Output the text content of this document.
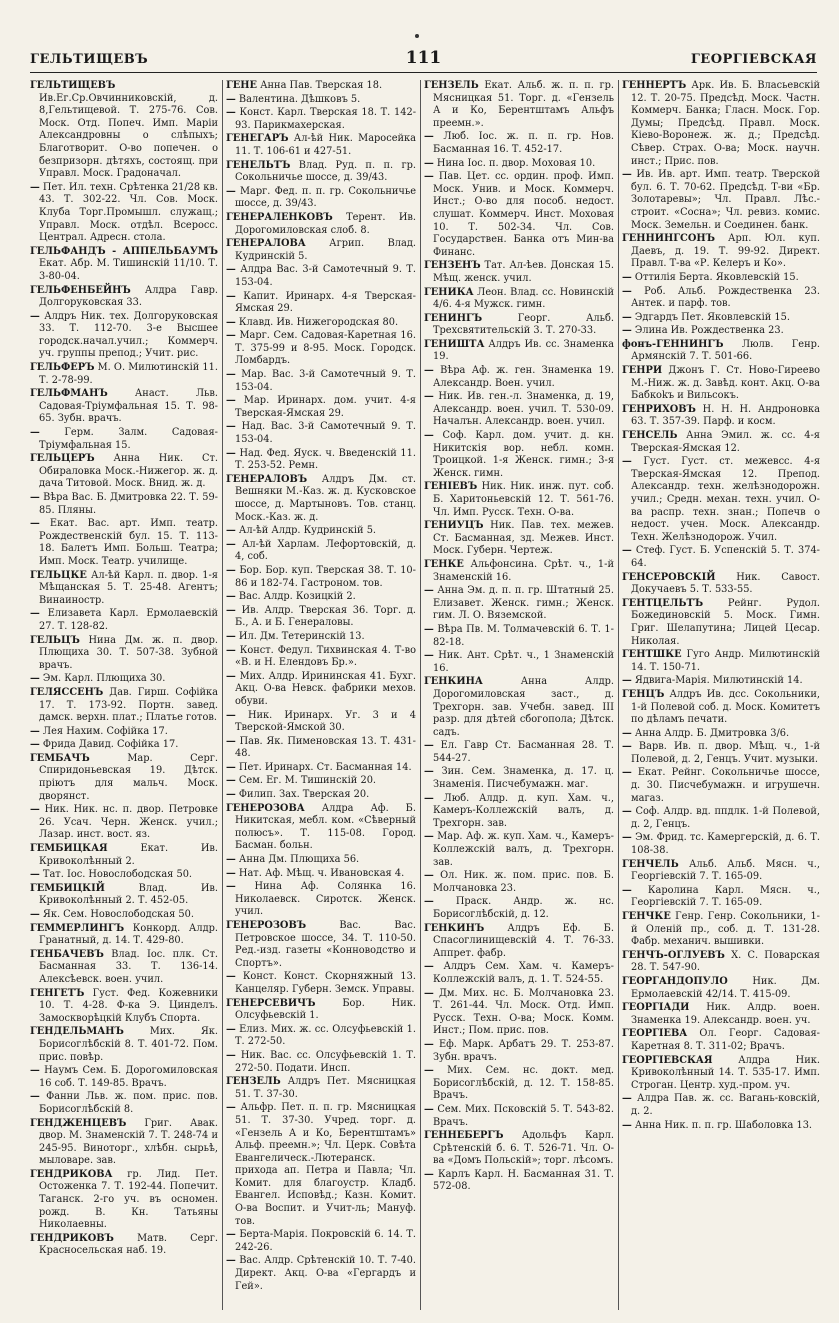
ГЕЛЬТИЩЕВЪ	111	ГЕОРГІЕВСКАЯ
ГЕЛЬТИЩЕВЪ Ив.Ег.Ср.Овчинниковскiй, д. 8,Гельтищевой. Т. 275-76. Сов. Моск. Отд. Попеч. Имп. Марiи Александровны о слѣпыхъ; Благотворит. О-во попечен. о безпризорн. дѣтяхъ, состоящ. при Управл. Моск. Градоначал.
— Пет. Ил. техн. Срѣтенка 21/28 кв. 43. Т. 302-22. Чл. Сов. Моск. Клуба Торг.Промышл. служащ.; Управл. Моск. отдѣл. Всеросс. Централ. Адресн. стола.
ГЕЛЬФАНДЪ - АППЕЛЬБАУМЪ Екат. Абр. М. Тишинскiй 11/10. Т. 3-80-04.
ГЕЛЬФЕНБЕЙНЪ Алдра Гавр. Долгоруковская 33.
— Алдръ Ник. тех. Долгоруковская 33. Т. 112-70. 3-е Высшее городск.начал.учил.; Коммерч. уч. группы препод.; Учит. рис.
ГЕЛЬФЕРЪ М. О. Милютинскiй 11. Т. 2-78-99.
ГЕЛЬФМАНЪ	Анаст. Льв. Садовая-Трiумфальная 15. Т. 98-65. Зубн. врачъ.
—	Герм. Залм. Садовая-Трiумфальная 15.
ГЕЛЬЦЕРЪ Анна Ник. Ст. Обираловка Моск.-Нижегор. ж. д. дача Титовой. Моск. Внид. ж. д.
— Вѣра Вас. Б. Дмитровка 22. Т. 59-85. Пляны.
— Екат. Вас. арт. Имп. театр. Рождественскiй бул. 15. Т. 113-18. Балетъ Имп. Больш. Театра; Имп. Моск. Театр. училище.
ГЕЛЬЦКЕ Ал-ѣй Карл. п. двор. 1-я Мѣщанская 5. Т. 25-48. Агентъ; Винаиностр.
— Елизавета Карл. Ермолаевскiй 27. Т. 128-82.
ГЕЛЬЦЪ Нина Дм. ж. п. двор. Плющиха 30. Т. 507-38. Зубной врачъ.
— Эм. Карл. Плющиха 30.
ГЕЛЯССЕНЪ Дав. Гирш. Софiйка 17. Т. 173-92. Портн. завед. дамск. верхн. плат.; Платье готов.
— Лея Нахим. Софiйка 17.
— Фрида Давид. Софiйка 17.
ГЕМБАЧЪ	Мар. Серг. Спиридоньевская 19. Дѣтск. прiютъ для мальч. Моск. дворянст.
— Ник. Ник. нс. п. двор. Петровке 26. Усач. Черн. Женск. учил.; Лазар. инст. вост. яз.
ГЕМБИЦКАЯ	Екат. Ив. Кривоколѣнный 2.
— Тат. Iос. Новослободская 50.
ГЕМБИЦКІЙ	Влад. Ив. Кривоколѣнный 2. Т. 452-05.
— Як. Сем. Новослободская 50.
ГЕММЕРЛИНГЪ Конкорд. Алдр. Гранатный, д. 14. Т. 429-80.
ГЕНБАЧЕВЪ Влад. Iос. плк. Ст. Басманная 33. Т. 136-14. Алексѣевск. воен. учил.
ГЕНГЕТЪ Густ. Фед. Кожевники 10. Т. 4-28. Ф-ка Э. Цинделъ. Замоскворѣцкiй Клубъ Спорта.
ГЕНДЕЛЬМАНЪ	Мих. Як. Борисоглѣбскiй 8. Т. 401-72. Пом. прис. повѣр.
— Наумъ Сем. Б. Дорогомиловская 16 соб. Т. 149-85. Врачъ.
— Фанни Льв. ж. пом. прис. пов. Борисоглѣбскiй 8.
ГЕНДЖЕНЦЕВЪ Григ. Авак. двор. М. Знаменскiй 7. Т. 248-74 и 245-95. Виноторг., хлѣбн. сырьѣ, мыловаре. зав.
ГЕНДРИКОВА гр. Лид. Пет. Остоженка 7. Т. 192-44. Попечит. Таганск. 2-го уч. въ оснoмен. рожд. В. Кн. Татьяны Николаевны.
ГЕНДРИКОВЪ Матв. Серг. Красносельская наб. 19.
ГЕНЕ Анна Пав. Тверская 18.
— Валентина. Дѣшковъ 5.
— Конст. Карл. Тверская 18. Т. 142-93. Парикмахерская.
ГЕНЕГАРЪ Ал-ѣй Ник. Маросейка 11. Т. 106-61 и 427-51.
ГЕНЕЛЬТЪ Влад. Руд. п. п. гр. Сокольничье шоссе, д. 39/43.
— Марг. Фед. п. п. гр. Сокольничье шоссе, д. 39/43.
ГЕНЕРАЛЕНКОВЪ Терент. Ив. Дорогомиловская слоб. 8.
ГЕНЕРАЛОВА Агрип. Влад. Кудринскiй 5.
— Алдра Вас. 3-й Самотечный 9. Т. 153-04.
— Капит. Иринарх. 4-я Тверская-Ямская 29.
— Клавд. Ив. Нижегородская 80.
— Марг. Сем. Садовая-Каретная 16. Т. 375-99 и 8-95. Моск. Городск. Ломбардъ.
— Мар. Вас. 3-й Самотечный 9. Т. 153-04.
— Мар. Иринарх. дом. учит. 4-я Тверская-Ямская 29.
— Над. Вас. 3-й Самотечный 9. Т. 153-04.
— Над. Фед. Яуск. ч. Введенскiй 11. Т. 253-52. Ремн.
ГЕНЕРАЛОВЪ Алдръ Дм. ст. Вешняки М.-Каз. ж. д. Кусковское шоссе, д. Мартыновъ. Тов. станц. Моск.-Каз. ж. д.
— Ал-ѣй Алдр. Кудринскiй 5.
— Ал-ѣй Харлам. Лефортовскiй, д. 4, соб.
— Бор. Бор. куп. Тверская 38. Т. 10-86 и 182-74. Гастроном. тов.
— Вас. Алдр. Козицкiй 2.
— Ив. Алдр. Тверская 36. Торг. д. Б., А. и Б. Генераловы.
— Ил. Дм. Тетеринскiй 13.
— Конст. Федул. Тихвинская 4. Т-во «В. и Н. Елендовъ Бр.».
— Мих. Алдр. Ирининская 41. Бухг. Акц. О-ва Невск. фабрики мехов. обуви.
— Ник. Иринарх. Уг. 3 и 4 Тверской-Ямской 30.
— Пав. Як. Пименовская 13. Т. 431-48.
— Пет. Иринарх. Ст. Басманная 14.
— Сем. Ег. М. Тишинскiй 20.
— Филип. Зах. Тверская 20.
ГЕНЕРОЗОВА Алдра Аф. Б. Никитская, мебл. ком. «Сѣверный полюсъ». Т. 115-08. Город. Басман. больн.
— Анна Дм. Плющиха 56.
— Нат. Аф. Мѣщ. ч. Ивановская 4.
— Нина Аф. Солянка 16. Николаевск. Сиротск. Женск. учил.
ГЕНЕРОЗОВЪ	Вас. Вас. Петровское шоссе, 34. Т. 110-50. Ред.-изд. газеты «Конноводство и Спортъ».
— Конст. Конст. Скорняжный 13. Канцеляр. Губерн. Земск. Управы.
ГЕНЕРСЕВИЧЪ	Бор. Ник. Олсуфьевскiй 1.
— Елиз. Мих. ж. сс. Олсуфьевскiй 1. Т. 272-50.
— Ник. Вас. сс. Олсуфьевскiй 1. Т. 272-50. Подати. Инсп.
ГЕНЗЕЛЬ Алдръ Пет. Мясницкая 51. Т. 37-30.
— Альфр. Пет. п. п. гр. Мясницкая 51. Т. 37-30. Учред. торг. д. «Гензель А и Ко, Берентштамъ» Альф. преемн.»; Чл. Церк. Совѣта Евангелическ.-Лютеранск. прихода ап. Петра и Павла; Чл. Комит. для благоустр. Кладб. Евангел. Исповѣд.; Казн. Комит. О-ва Воспит. и Учит-ль; Мануф. тов.
— Берта-Марія. Покровскій 6. 14. Т. 242-26.
— Вас. Алдр. Срѣтенскiй 10. Т. 7-40. Директ. Акц. О-ва «Гергардъ и Гей».
ГЕНЗЕЛЬ Екат. Альб. ж. п. п. гр. Мясницкая 51. Торг. д. «Гензель А и Ко, Берентштамъ Альфъ преемн.».
— Люб. Iос. ж. п. п. гр. Нов. Басманная 16. Т. 452-17.
— Нина Iос. п. двор. Моховая 10.
— Пав. Цет. сс. ордин. проф. Имп. Моск. Унив. и Моск. Коммерч. Инст.; О-во для пособ. недост. слушат. Коммерч. Инст. Моховая 10. Т. 502-34. Чл. Сов. Государствен. Банка отъ Мин-ва Финанс.
ГЕНЗЕНЪ Тат. Ал-ѣев. Донская 15. Мѣщ. женск. учил.
ГЕНИКА Леон. Влад. сс. Новинскiй 4/6. 4-я Мужск. гимн.
ГЕНИНГЪ	Георг. Альб. Трехсвятительскiй 3. Т. 270-33.
ГЕНИШТА Алдръ Ив. сс. Знаменка 19.
— Вѣра Аф. ж. ген. Знаменка 19. Александр. Воен. учил.
— Ник. Ив. ген.-л. Знаменка, д. 19, Александр. воен. учил. Т. 530-09. Началън. Александр. воен. учил.
— Соф. Карл. дом. учит. д. кн. Никитскiя вор. небл. комн. Троицкой. 1-я Женск. гимн.; 3-я Женск. гимн.
ГЕНІЕВЪ Ник. Ник. инж. пут. соб. Б. Харитоньевскiй 12. Т. 561-76. Чл. Имп. Русск. Техн. О-ва.
ГЕНИУЦЪ Ник. Пав. тех. межев. Ст. Басманная, зд. Межев. Инст. Моск. Губерн. Чертеж.
ГЕНКЕ Альфонсина. Срѣт. ч., 1-й Знаменскiй 16.
— Анна Эм. д. п. п. гр. Штатный 25. Елизавет. Женск. гимн.; Женск. гим. Л. О. Вяземской.
— Вѣра Пв. М. Толмачевскiй 6. Т. 1-82-18.
— Ник. Ант. Срѣт. ч., 1 Знаменскiй 16.
ГЕНКИНА	Анна Алдр. Дорогомиловская заст., д. Трехгорн. зав. Учебн. завед. III разр. для дѣтей сбогопола; Дѣтск. садъ.
— Ел. Гавр Ст. Басманная 28. Т. 544-27.
— Зин. Сем. Знаменка, д. 17. ц. Знаменія. Писчебумажн. маг.
— Люб. Алдр. д. куп. Хам. ч., Камеръ-Коллежскiй валъ, д. Трехгорн. зав.
— Мар. Аф. ж. куп. Хам. ч., Камеръ-Коллежскiй валъ, д. Трехгорн. зав.
— Ол. Ник. ж. пом. прис. пов. Б. Молчановка 23.
— Праск. Андр. ж. нс. Борисоглѣбскiй, д. 12.
ГЕНКИНЪ Алдръ Еф. Б. Спасоглинищевскiй 4. Т. 76-33. Аппрет. фабр.
— Алдръ Сем. Хам. ч. Камеръ-Коллежскiй валъ, д. 1. Т. 524-55.
— Дм. Мих. нс. Б. Молчановка 23. Т. 261-44. Чл. Моск. Отд. Имп. Русск. Техн. О-ва; Моск. Комм. Инст.; Пом. прис. пов.
— Еф. Марк. Арбатъ 29. Т. 253-87. Зубн. врачъ.
— Мих. Сем. нс. докт. мед. Борисоглѣбскiй, д. 12. Т. 158-85. Врачъ.
— Сем. Мих. Псковскiй 5. Т. 543-82. Врачъ.
ГЕННЕБЕРГЪ Адольфъ Карл. Срѣтенскiй б. 6. Т. 526-71. Чл. О-ва «Домъ Польскiй»; торг. лѣсомъ.
— Карлъ Карл. Н. Басманная 31. Т. 572-08.
ГЕННЕРТЪ Арк. Ив. Б. Власьевскiй 12. Т. 20-75. Предсѣд. Моск. Частн. Коммерч. Банка; Гласн. Моск. Гор. Думы; Предсѣд. Правл. Моск. Кiево-Воронеж. ж. д.; Предсѣд. Сѣвер. Страх. О-ва; Моск. научн. инст.; Прис. пов.
— Ив. Ив. арт. Имп. театр. Тверской бул. 6. Т. 70-62. Предсѣд. Т-ви «Бр. Золотаревы»; Чл. Правл. Лѣс.-строит. «Сосна»; Чл. ревиз. комис. Моск. Земельн. и Соединен. банк.
ГЕННИНГСОНЪ Арп. Юл. куп. Дaевъ, д. 19. Т. 99-92. Директ. Правл. Т-ва «Р. Келеръ и Ко».
— Оттилiя Берта. Яковлевскiй 15.
— Роб. Альб. Рождественка 23. Антек. и парф. тов.
— Эдгардъ Пет. Яковлевскiй 15.
— Элина Ив. Рождественка 23.
фонъ-ГЕННИНГЪ Люлв. Генр. Армянскiй 7. Т. 501-66.
ГЕНРИ Джонъ Г. Ст. Ново-Гиреево М.-Ниж. ж. д. Завѣд. конт. Акц. О-ва Бабкоkъ и Вильсокъ.
ГЕНРИХОВЪ Н. Н. Н. Андроновка 63. Т. 357-39. Парф. и косм.
ГЕНСЕЛЬ Анна Эмил. ж. сс. 4-я Тверская-Ямская 12.
— Густ. Густ. ст. межевсс. 4-я Тверская-Ямская 12. Препод. Александр. техн. желѣзнодорожн. учил.; Средн. механ. техн. учил. О-ва распр. техн. знан.; Попечв о недост. учен. Моск. Александр. Техн. Желѣзнодорож. Учил.
— Стеф. Густ. Б. Успенскiй 5. Т. 374-64.
ГЕНСЕРОВСКІЙ Ник. Савост. Докучаевъ 5. Т. 533-55.
ГЕНТЦЕЛЬТЪ	Рейнг. Рудол. Божединовскiй 5. Моск. Гимн. Григ. Шелапутина; Лицей Цесар. Николая.
ГЕНТШКЕ Гуго Андр. Милютинскiй 14. Т. 150-71.
— Ядвига-Марiя. Милютинскiй 14.
ГЕНЦЪ Алдръ Ив. дсс. Сокольники, 1-й Полевой соб. д. Моск. Комитетъ по дѣламъ печати.
— Анна Алдр. Б. Дмитровка 3/6.
— Варв. Ив. п. двор. Мѣщ. ч., 1-й Полевой, д. 2, Генцъ. Учит. музыки.
— Екат. Рейнг. Сокольничье шоссе, д. 30. Писчебумажн. и игрушечн. магаз.
— Соф. Алдр. вд. ппдлк. 1-й Полевой, д. 2, Генцъ.
— Эм. Фрид. тс. Камергерскiй, д. 6. Т. 108-38.
ГЕНЧЕЛЬ Альб. Альб. Мясн. ч., Георгiевскiй 7. Т. 165-09.
— Каролина Карл. Мясн. ч., Георгiевскiй 7. Т. 165-09.
ГЕНЧКЕ Генр. Генр. Сокольники, 1-й Оленiй пр., соб. д. Т. 131-28. Фабр. механич. вышивки.
ГЕНЧЪ-ОГЛУЕВЪ Х. С. Поварская 28. Т. 547-90.
ГЕОРГАНДОПУЛО	Ник. Дм. Ермолаевскiй 42/14. Т. 415-09.
ГЕОРГІАДИ Ник. Алдр. воен. Знаменка 19. Александр. воен. уч.
ГЕОРГІЕВА Ол. Георг. Садовая-Каретная 8. Т. 311-02; Врачъ.
ГЕОРГІЕВСКАЯ	Алдра Ник. Кривоколѣнный 14. Т. 535-17. Имп. Строган. Центр. худ.-пром. уч.
— Алдра Пав. ж. сс. Вагань-ковскiй, д. 2.
— Анна Ник. п. п. гр. Шаболовка 13.
